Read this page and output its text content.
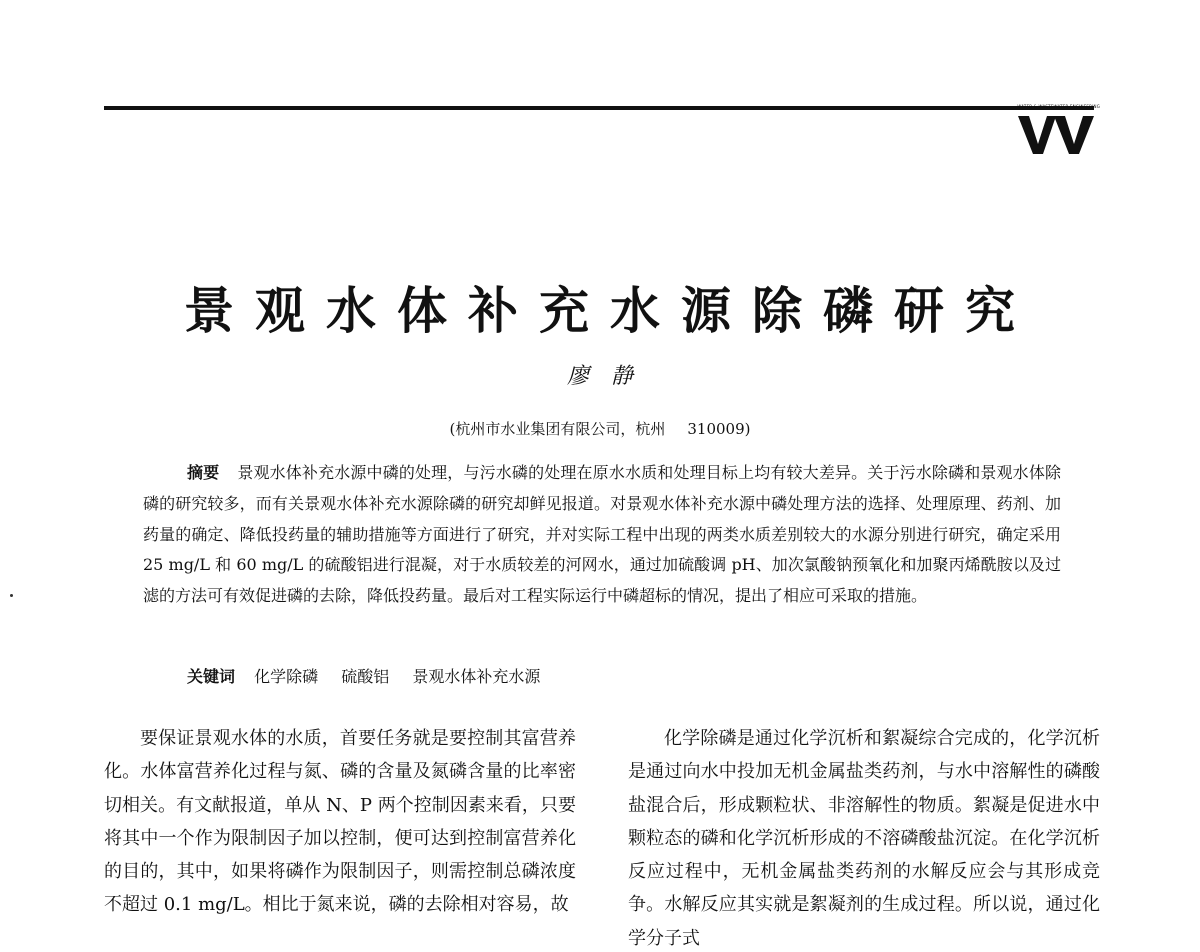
WATER & WASTEWATER ENGINEERING
景观水体补充水源除磷研究
廖静
(杭州市水业集团有限公司，杭州 310009)
摘要 景观水体补充水源中磷的处理，与污水磷的处理在原水水质和处理目标上均有较大差异。关于污水除磷和景观水体除磷的研究较多，而有关景观水体补充水源除磷的研究却鲜见报道。对景观水体补充水源中磷处理方法的选择、处理原理、药剂、加药量的确定、降低投药量的辅助措施等方面进行了研究，并对实际工程中出现的两类水质差别较大的水源分别进行研究，确定采用 25 mg/L 和 60 mg/L 的硫酸铝进行混凝，对于水质较差的河网水，通过加硫酸调 pH、加次氯酸钠预氧化和加聚丙烯酰胺以及过滤的方法可有效促进磷的去除，降低投药量。最后对工程实际运行中磷超标的情况，提出了相应可采取的措施。
关键词 化学除磷 硫酸铝 景观水体补充水源
要保证景观水体的水质，首要任务就是要控制其富营养化。水体富营养化过程与氮、磷的含量及氮磷含量的比率密切相关。有文献报道，单从 N、P 两个控制因素来看，只要将其中一个作为限制因子加以控制，便可达到控制富营养化的目的，其中，如果将磷作为限制因子，则需控制总磷浓度不超过 0.1 mg/L。相比于氮来说，磷的去除相对容易，故
化学除磷是通过化学沉析和絮凝综合完成的，化学沉析是通过向水中投加无机金属盐类药剂，与水中溶解性的磷酸盐混合后，形成颗粒状、非溶解性的物质。絮凝是促进水中颗粒态的磷和化学沉析形成的不溶磷酸盐沉淀。在化学沉析反应过程中，无机金属盐类药剂的水解反应会与其形成竞争。水解反应其实就是絮凝剂的生成过程。所以说，通过化学分子式
